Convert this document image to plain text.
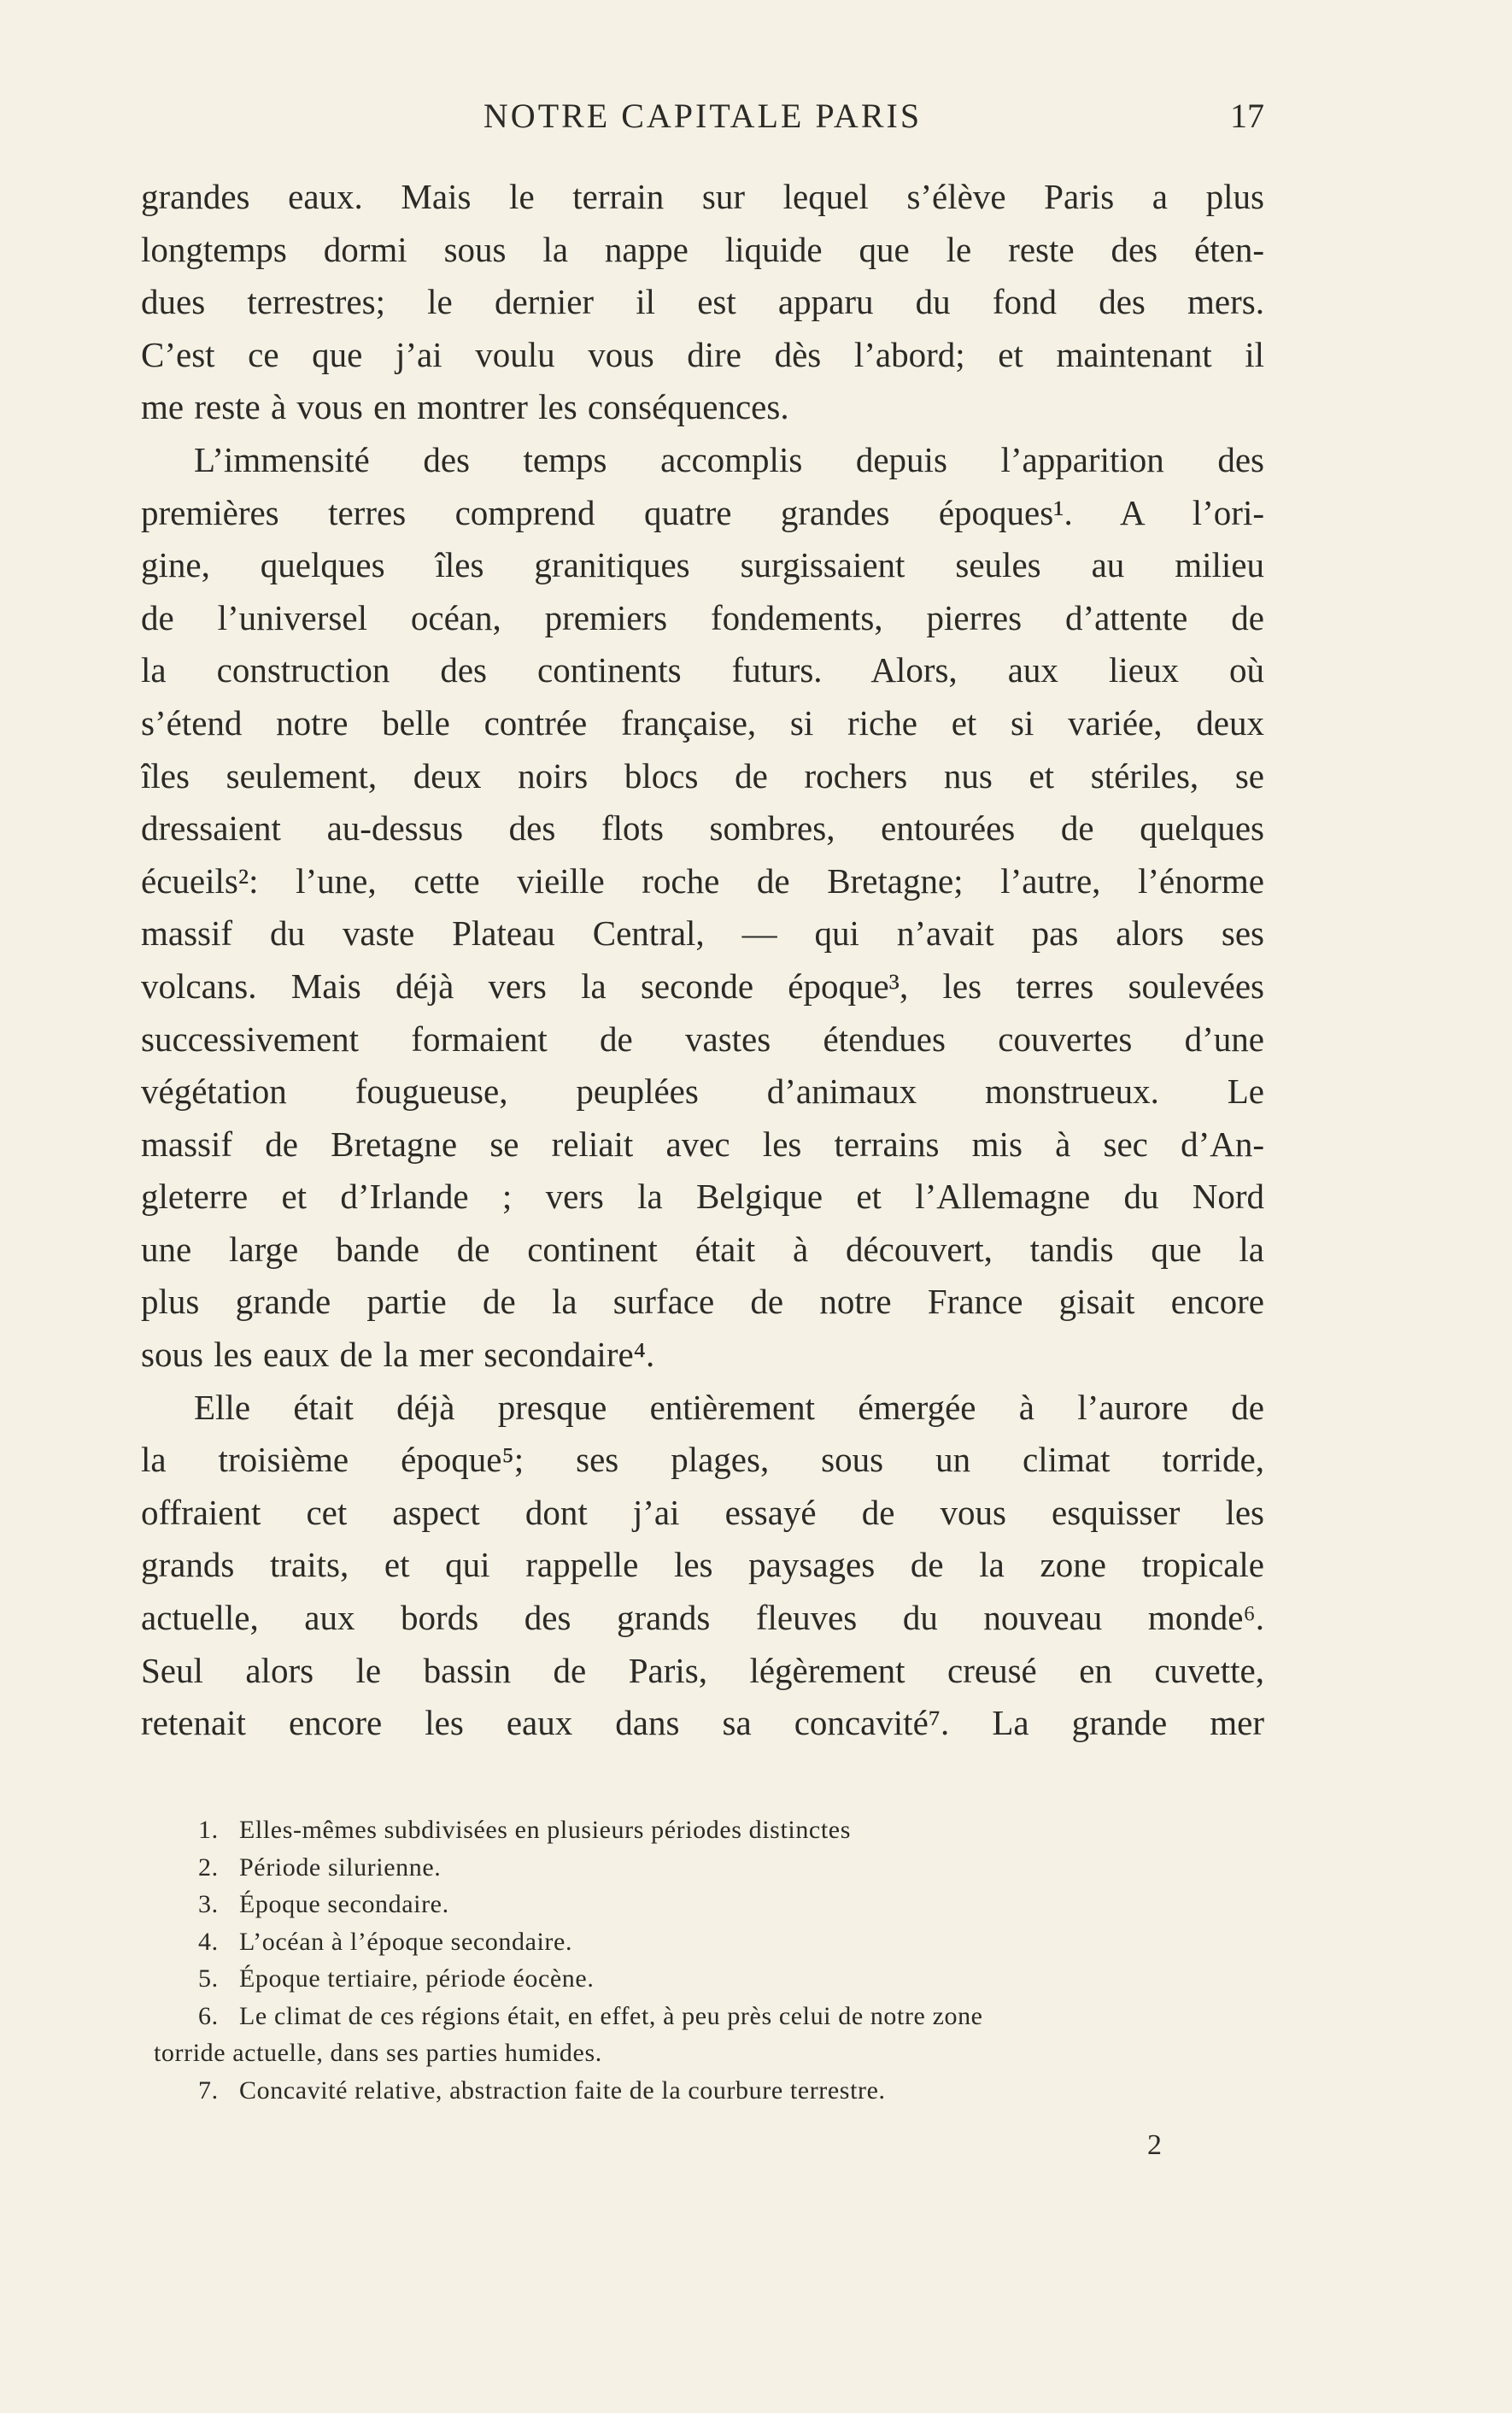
NOTRE CAPITALE PARIS	17
grandes eaux. Mais le terrain sur lequel s’élève Paris a plus
longtemps dormi sous la nappe liquide que le reste des éten-
dues terrestres; le dernier il est apparu du fond des mers.
C’est ce que j’ai voulu vous dire dès l’abord; et maintenant il
me reste à vous en montrer les conséquences.
L’immensité des temps accomplis depuis l’apparition des
premières terres comprend quatre grandes époques¹. A l’ori-
gine, quelques îles granitiques surgissaient seules au milieu
de l’universel océan, premiers fondements, pierres d’attente de
la construction des continents futurs. Alors, aux lieux où
s’étend notre belle contrée française, si riche et si variée, deux
îles seulement, deux noirs blocs de rochers nus et stériles, se
dressaient au-dessus des flots sombres, entourées de quelques
écueils²: l’une, cette vieille roche de Bretagne; l’autre, l’énorme
massif du vaste Plateau Central, — qui n’avait pas alors ses
volcans. Mais déjà vers la seconde époque³, les terres soulevées
successivement formaient de vastes étendues couvertes d’une
végétation fougueuse, peuplées d’animaux monstrueux. Le
massif de Bretagne se reliait avec les terrains mis à sec d’An-
gleterre et d’Irlande ; vers la Belgique et l’Allemagne du Nord
une large bande de continent était à découvert, tandis que la
plus grande partie de la surface de notre France gisait encore
sous les eaux de la mer secondaire⁴.
Elle était déjà presque entièrement émergée à l’aurore de
la troisième époque⁵; ses plages, sous un climat torride,
offraient cet aspect dont j’ai essayé de vous esquisser les
grands traits, et qui rappelle les paysages de la zone tropicale
actuelle, aux bords des grands fleuves du nouveau monde⁶.
Seul alors le bassin de Paris, légèrement creusé en cuvette,
retenait encore les eaux dans sa concavité⁷. La grande mer
1. Elles-mêmes subdivisées en plusieurs périodes distinctes
2. Période silurienne.
3. Époque secondaire.
4. L’océan à l’époque secondaire.
5. Époque tertiaire, période éocène.
6. Le climat de ces régions était, en effet, à peu près celui de notre zone
torride actuelle, dans ses parties humides.
7. Concavité relative, abstraction faite de la courbure terrestre.
2
